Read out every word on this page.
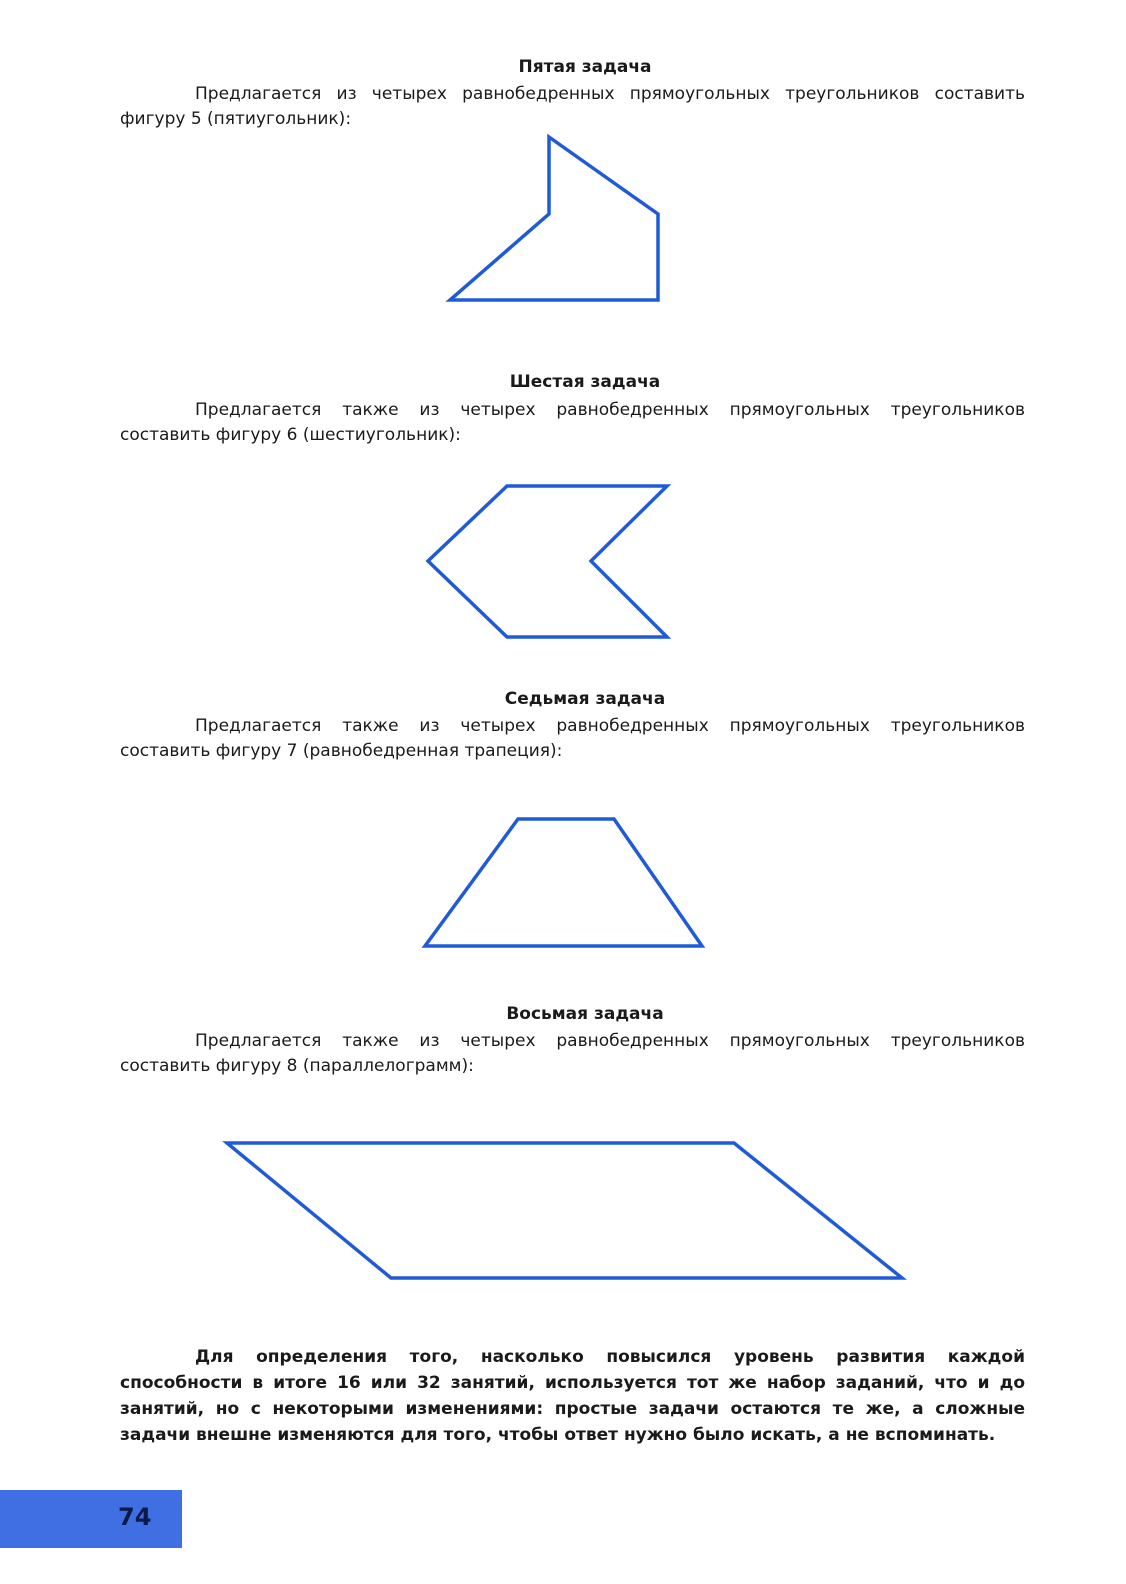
Пятая задача

Предлагается из четырех равнобедренных прямоугольных треугольников составить фигуру 5 (пятиугольник):

Шестая задача

Предлагается также из четырех равнобедренных прямоугольных треугольников составить фигуру 6 (шестиугольник):

Седьмая задача

Предлагается также из четырех равнобедренных прямоугольных треугольников составить фигуру 7 (равнобедренная трапеция):

Восьмая задача

Предлагается также из четырех равнобедренных прямоугольных треугольников составить фигуру 8 (параллелограмм):

Для определения того, насколько повысился уровень развития каждой способности в итоге 16 или 32 занятий, используется тот же набор заданий, что и до занятий, но с некоторыми изменениями: простые задачи остаются те же, а сложные задачи внешне изменяются для того, чтобы ответ нужно было искать, а не вспоминать.

74
